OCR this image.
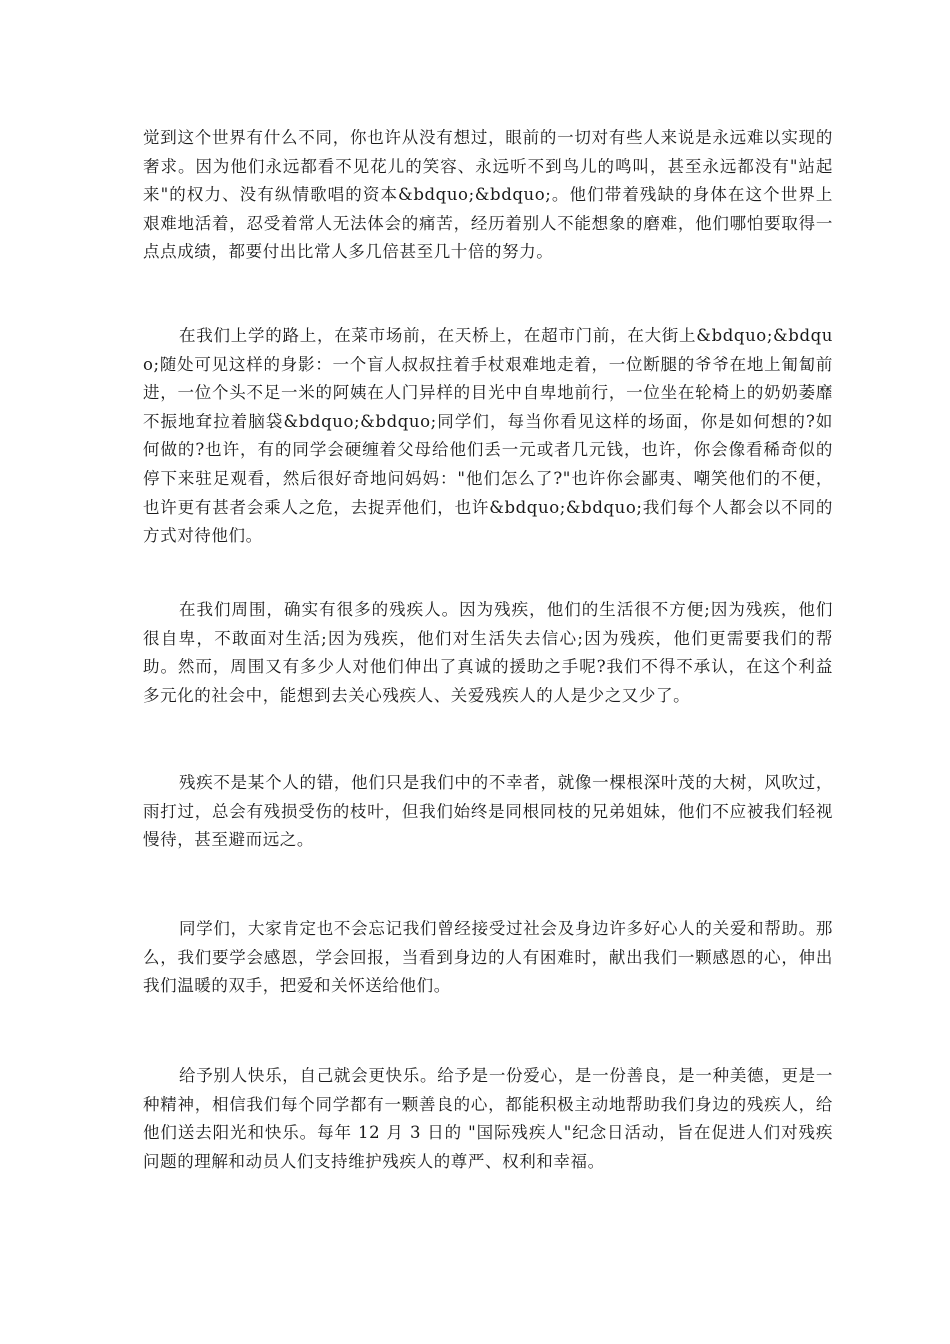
觉到这个世界有什么不同，你也许从没有想过，眼前的一切对有些人来说是永远难以实现的奢求。因为他们永远都看不见花儿的笑容、永远听不到鸟儿的鸣叫，甚至永远都没有"站起来"的权力、没有纵情歌唱的资本&bdquo;&bdquo;。他们带着残缺的身体在这个世界上艰难地活着，忍受着常人无法体会的痛苦，经历着别人不能想象的磨难，他们哪怕要取得一点点成绩，都要付出比常人多几倍甚至几十倍的努力。

在我们上学的路上，在菜市场前，在天桥上，在超市门前，在大街上&bdquo;&bdquo;随处可见这样的身影：一个盲人叔叔拄着手杖艰难地走着，一位断腿的爷爷在地上匍匐前进，一位个头不足一米的阿姨在人门异样的目光中自卑地前行，一位坐在轮椅上的奶奶萎靡不振地耷拉着脑袋&bdquo;&bdquo;同学们，每当你看见这样的场面，你是如何想的?如何做的?也许，有的同学会硬缠着父母给他们丢一元或者几元钱，也许，你会像看稀奇似的停下来驻足观看，然后很好奇地问妈妈："他们怎么了?"也许你会鄙夷、嘲笑他们的不便，也许更有甚者会乘人之危，去捉弄他们，也许&bdquo;&bdquo;我们每个人都会以不同的方式对待他们。

在我们周围，确实有很多的残疾人。因为残疾，他们的生活很不方便;因为残疾，他们很自卑，不敢面对生活;因为残疾，他们对生活失去信心;因为残疾，他们更需要我们的帮助。然而，周围又有多少人对他们伸出了真诚的援助之手呢?我们不得不承认，在这个利益多元化的社会中，能想到去关心残疾人、关爱残疾人的人是少之又少了。

残疾不是某个人的错，他们只是我们中的不幸者，就像一棵根深叶茂的大树，风吹过，雨打过，总会有残损受伤的枝叶，但我们始终是同根同枝的兄弟姐妹，他们不应被我们轻视慢待，甚至避而远之。

同学们，大家肯定也不会忘记我们曾经接受过社会及身边许多好心人的关爱和帮助。那么，我们要学会感恩，学会回报，当看到身边的人有困难时，献出我们一颗感恩的心，伸出我们温暖的双手，把爱和关怀送给他们。

给予别人快乐，自己就会更快乐。给予是一份爱心，是一份善良，是一种美德，更是一种精神，相信我们每个同学都有一颗善良的心，都能积极主动地帮助我们身边的残疾人，给他们送去阳光和快乐。每年 12 月 3 日的 "国际残疾人"纪念日活动，旨在促进人们对残疾问题的理解和动员人们支持维护残疾人的尊严、权利和幸福。
